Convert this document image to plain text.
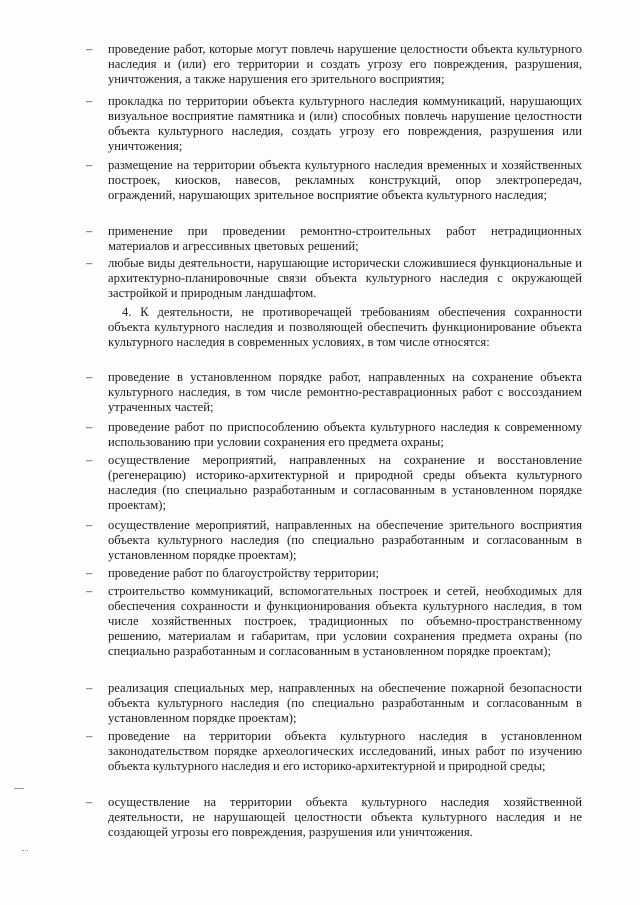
– проведение работ, которые могут повлечь нарушение целостности объекта культурного наследия и (или) его территории и создать угрозу его повреждения, разрушения, уничтожения, а также нарушения его зрительного восприятия;
– прокладка по территории объекта культурного наследия коммуникаций, нарушающих визуальное восприятие памятника и (или) способных повлечь нарушение целостности объекта культурного наследия, создать угрозу его повреждения, разрушения или уничтожения;
– размещение на территории объекта культурного наследия временных и хозяйственных построек, киосков, навесов, рекламных конструкций, опор электропередач, ограждений, нарушающих зрительное восприятие объекта культурного наследия;
– применение при проведении ремонтно-строительных работ нетрадиционных материалов и агрессивных цветовых решений;
– любые виды деятельности, нарушающие исторически сложившиеся функциональные и архитектурно-планировочные связи объекта культурного наследия с окружающей застройкой и природным ландшафтом.
4. К деятельности, не противоречащей требованиям обеспечения сохранности объекта культурного наследия и позволяющей обеспечить функционирование объекта культурного наследия в современных условиях, в том числе относятся:
– проведение в установленном порядке работ, направленных на сохранение объекта культурного наследия, в том числе ремонтно-реставрационных работ с воссозданием утраченных частей;
– проведение работ по приспособлению объекта культурного наследия к современному использованию при условии сохранения его предмета охраны;
– осуществление мероприятий, направленных на сохранение и восстановление (регенерацию) историко-архитектурной и природной среды объекта культурного наследия (по специально разработанным и согласованным в установленном порядке проектам);
– осуществление мероприятий, направленных на обеспечение зрительного восприятия объекта культурного наследия (по специально разработанным и согласованным в установленном порядке проектам);
– проведение работ по благоустройству территории;
– строительство коммуникаций, вспомогательных построек и сетей, необходимых для обеспечения сохранности и функционирования объекта культурного наследия, в том числе хозяйственных построек, традиционных по объемно-пространственному решению, материалам и габаритам, при условии сохранения предмета охраны (по специально разработанным и согласованным в установленном порядке проектам);
– реализация специальных мер, направленных на обеспечение пожарной безопасности объекта культурного наследия (по специально разработанным и согласованным в установленном порядке проектам);
– проведение на территории объекта культурного наследия в установленном законодательством порядке археологических исследований, иных работ по изучению объекта культурного наследия и его историко-архитектурной и природной среды;
– осуществление на территории объекта культурного наследия хозяйственной деятельности, не нарушающей целостности объекта культурного наследия и не создающей угрозы его повреждения, разрушения или уничтожения.
